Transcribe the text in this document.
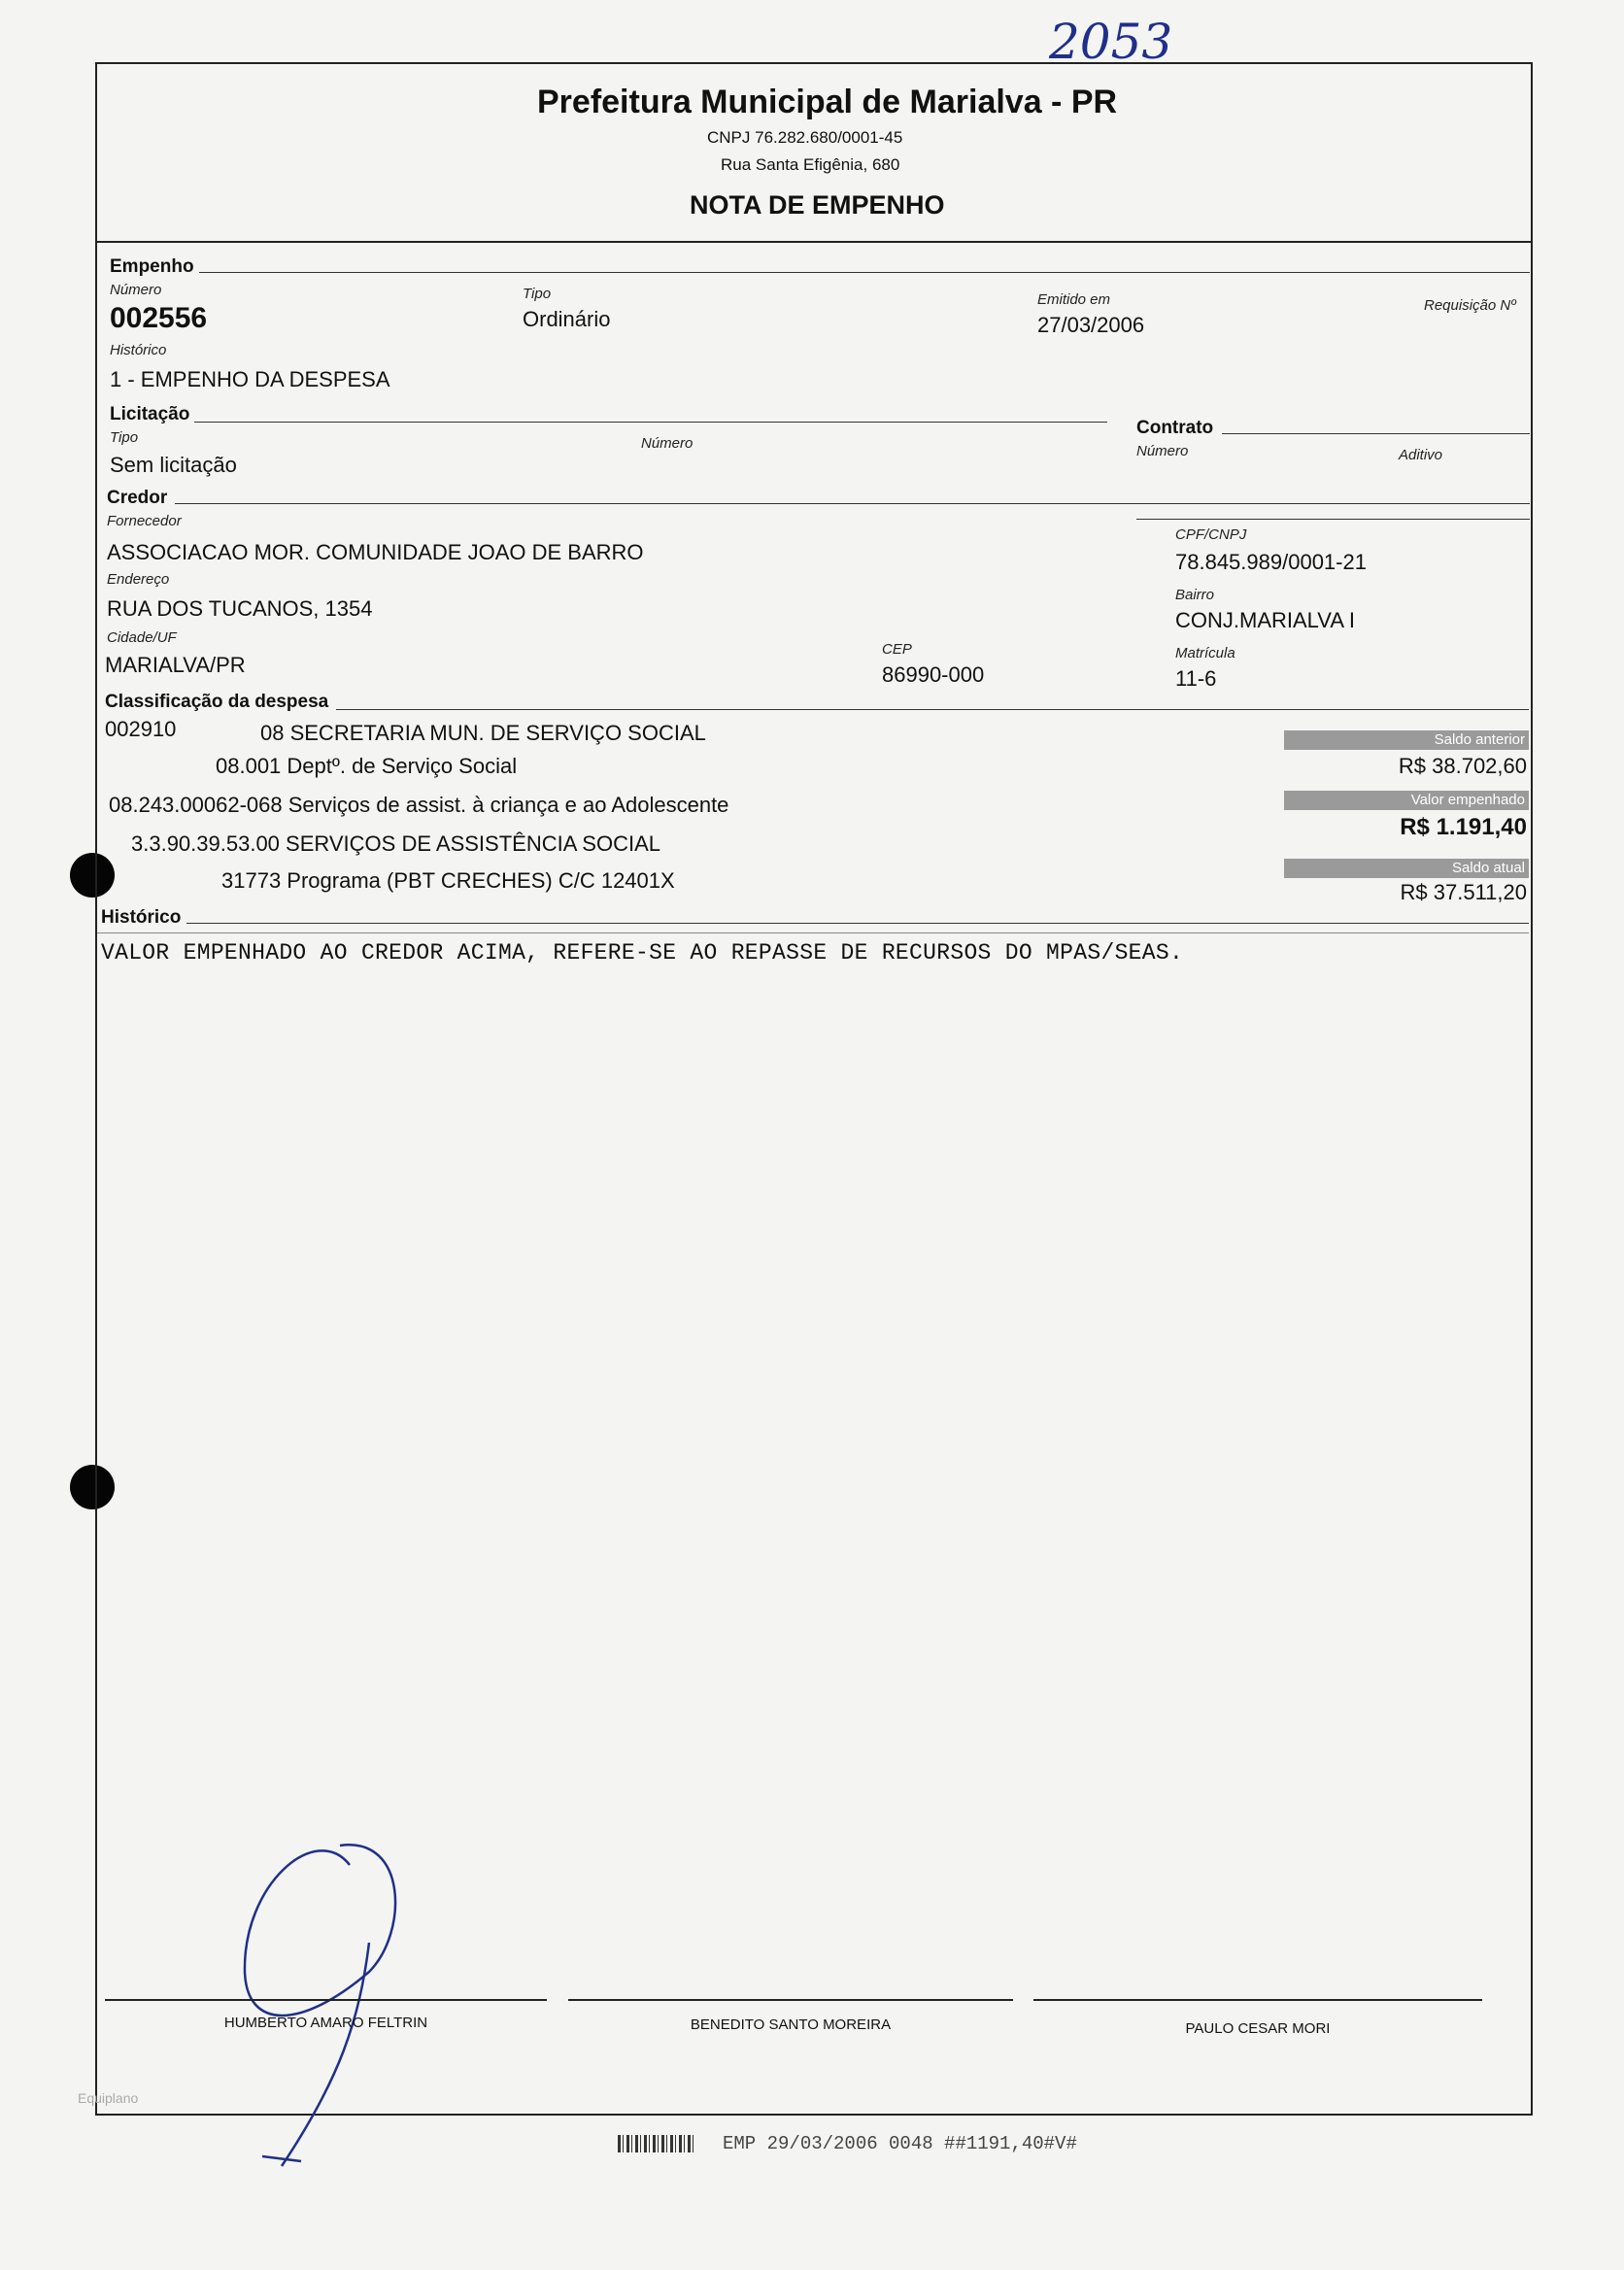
2053
Prefeitura Municipal de Marialva - PR
CNPJ 76.282.680/0001-45
Rua Santa Efigênia, 680
NOTA DE EMPENHO
Empenho
Número
002556
Tipo
Ordinário
Emitido em
27/03/2006
Requisição Nº
Histórico
1 - EMPENHO DA DESPESA
Licitação
Tipo
Sem licitação
Número
Contrato
Número	Aditivo
Credor
Fornecedor
ASSOCIACAO MOR. COMUNIDADE JOAO DE BARRO
CPF/CNPJ
78.845.989/0001-21
Endereço
RUA DOS TUCANOS, 1354
Bairro
CONJ.MARIALVA I
Cidade/UF
MARIALVA/PR
CEP
86990-000
Matrícula
11-6
Classificação da despesa
002910	08 SECRETARIA MUN. DE SERVIÇO SOCIAL
08.001 Deptº. de Serviço Social
08.243.00062-068 Serviços de assist. à criança e ao Adolescente
3.3.90.39.53.00 SERVIÇOS DE ASSISTÊNCIA SOCIAL
31773 Programa (PBT CRECHES) C/C 12401X
Saldo anterior
R$ 38.702,60
Valor empenhado
R$ 1.191,40
Saldo atual
R$ 37.511,20
Histórico
VALOR EMPENHADO AO CREDOR ACIMA, REFERE-SE AO REPASSE DE RECURSOS DO MPAS/SEAS.
HUMBERTO AMARO FELTRIN	BENEDITO SANTO MOREIRA	PAULO CESAR MORI
Equiplano
EMP 29/03/2006 0048 ##1191,40#V#
